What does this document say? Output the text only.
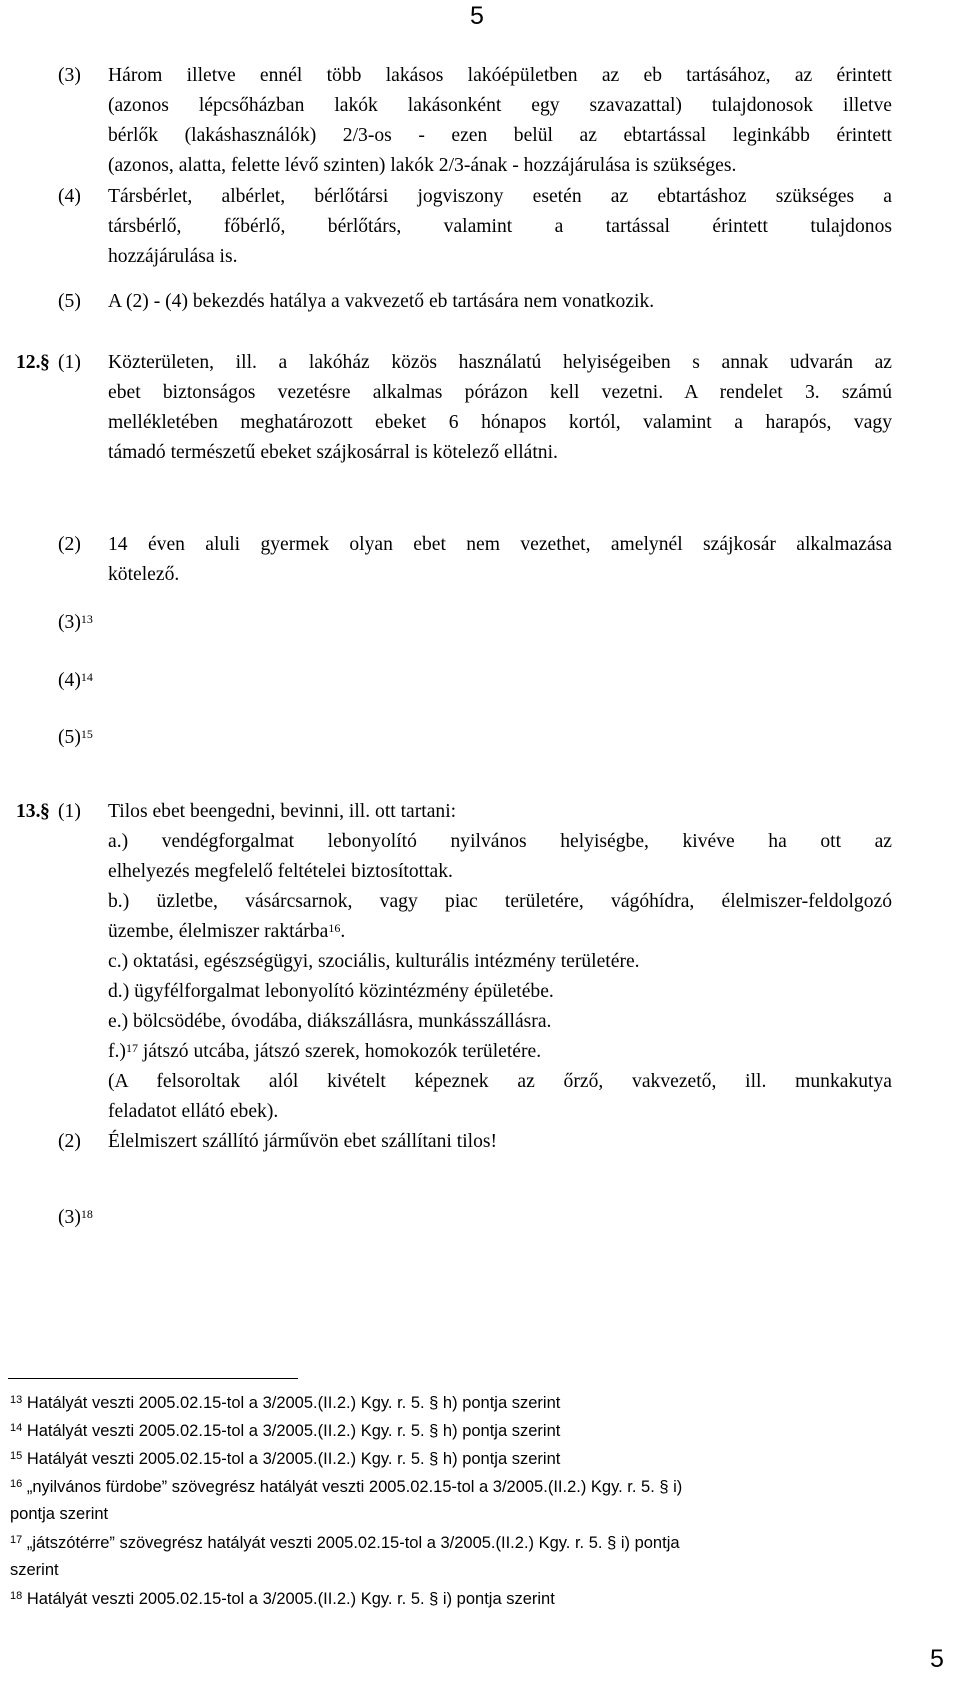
5
(3) Három illetve ennél több lakásos lakóépületben az eb tartásához, az érintett
(azonos lépcsőházban lakók lakásonként egy szavazattal) tulajdonosok illetve
bérlők (lakáshasználók) 2/3-os - ezen belül az ebtartással leginkább érintett
(azonos, alatta, felette lévő szinten) lakók 2/3-ának - hozzájárulása is szükséges.
(4) Társbérlet, albérlet, bérlőtársi jogviszony esetén az ebtartáshoz szükséges a
társbérlő, főbérlő, bérlőtárs, valamint a tartással érintett tulajdonos
hozzájárulása is.
(5) A (2) - (4) bekezdés hatálya a vakvezető eb tartására nem vonatkozik.
12. § (1) Közterületen, ill. a lakóház közös használatú helyiségeiben s annak udvarán az
ebet biztonságos vezetésre alkalmas pórázon kell vezetni. A rendelet 3. számú
mellékletében meghatározott ebeket 6 hónapos kortól, valamint a harapós, vagy
támadó természetű ebeket szájkosárral is kötelező ellátni.
(2) 14 éven aluli gyermek olyan ebet nem vezethet, amelynél szájkosár alkalmazása
kötelező.
$(3)^{13}$
$(4)^{14}$
$(5)^{15}$
13. § (1) Tilos ebet beengedni, bevinni, ill. ott tartani:
a.) vendégforgalmat lebonyolító nyilvános helyiségbe, kivéve ha ott az
elhelyezés megfelelő feltételei biztosítottak.
b.) üzletbe, vásárcsarnok, vagy piac területére, vágóhídra, élelmiszer-feldolgozó
üzembe, élelmiszer raktárba$^{16}$.
c.) oktatási, egészségügyi, szociális, kulturális intézmény területére.
d.) ügyfélforgalmat lebonyolító közintézmény épületébe.
e.) bölcsödébe, óvodába, diákszállásra, munkásszállásra.
f.)$^{17}$ játszó utcába, játszó szerek, homokozók területére.
(A felsoroltak alól kivételt képeznek az őrző, vakvezető, ill. munkakutya
feladatot ellátó ebek).
(2) Élelmiszert szállító járművön ebet szállítani tilos!
$(3)^{18}$
$^{13}$ Hatályát veszti 2005.02.15-tol a 3/2005.(II.2.) Kgy. r. 5. § h) pontja szerint
$^{14}$ Hatályát veszti 2005.02.15-tol a 3/2005.(II.2.) Kgy. r. 5. § h) pontja szerint
$^{15}$ Hatályát veszti 2005.02.15-tol a 3/2005.(II.2.) Kgy. r. 5. § h) pontja szerint
$^{16}$ „nyilvános fürdobe” szövegrész hatályát veszti 2005.02.15-tol a 3/2005.(II.2.) Kgy. r. 5. § i)
pontja szerint
$^{17}$ „játszótérre” szövegrész hatályát veszti 2005.02.15-tol a 3/2005.(II.2.) Kgy. r. 5. § i) pontja
szerint
$^{18}$ Hatályát veszti 2005.02.15-tol a 3/2005.(II.2.) Kgy. r. 5. § i) pontja szerint
5
